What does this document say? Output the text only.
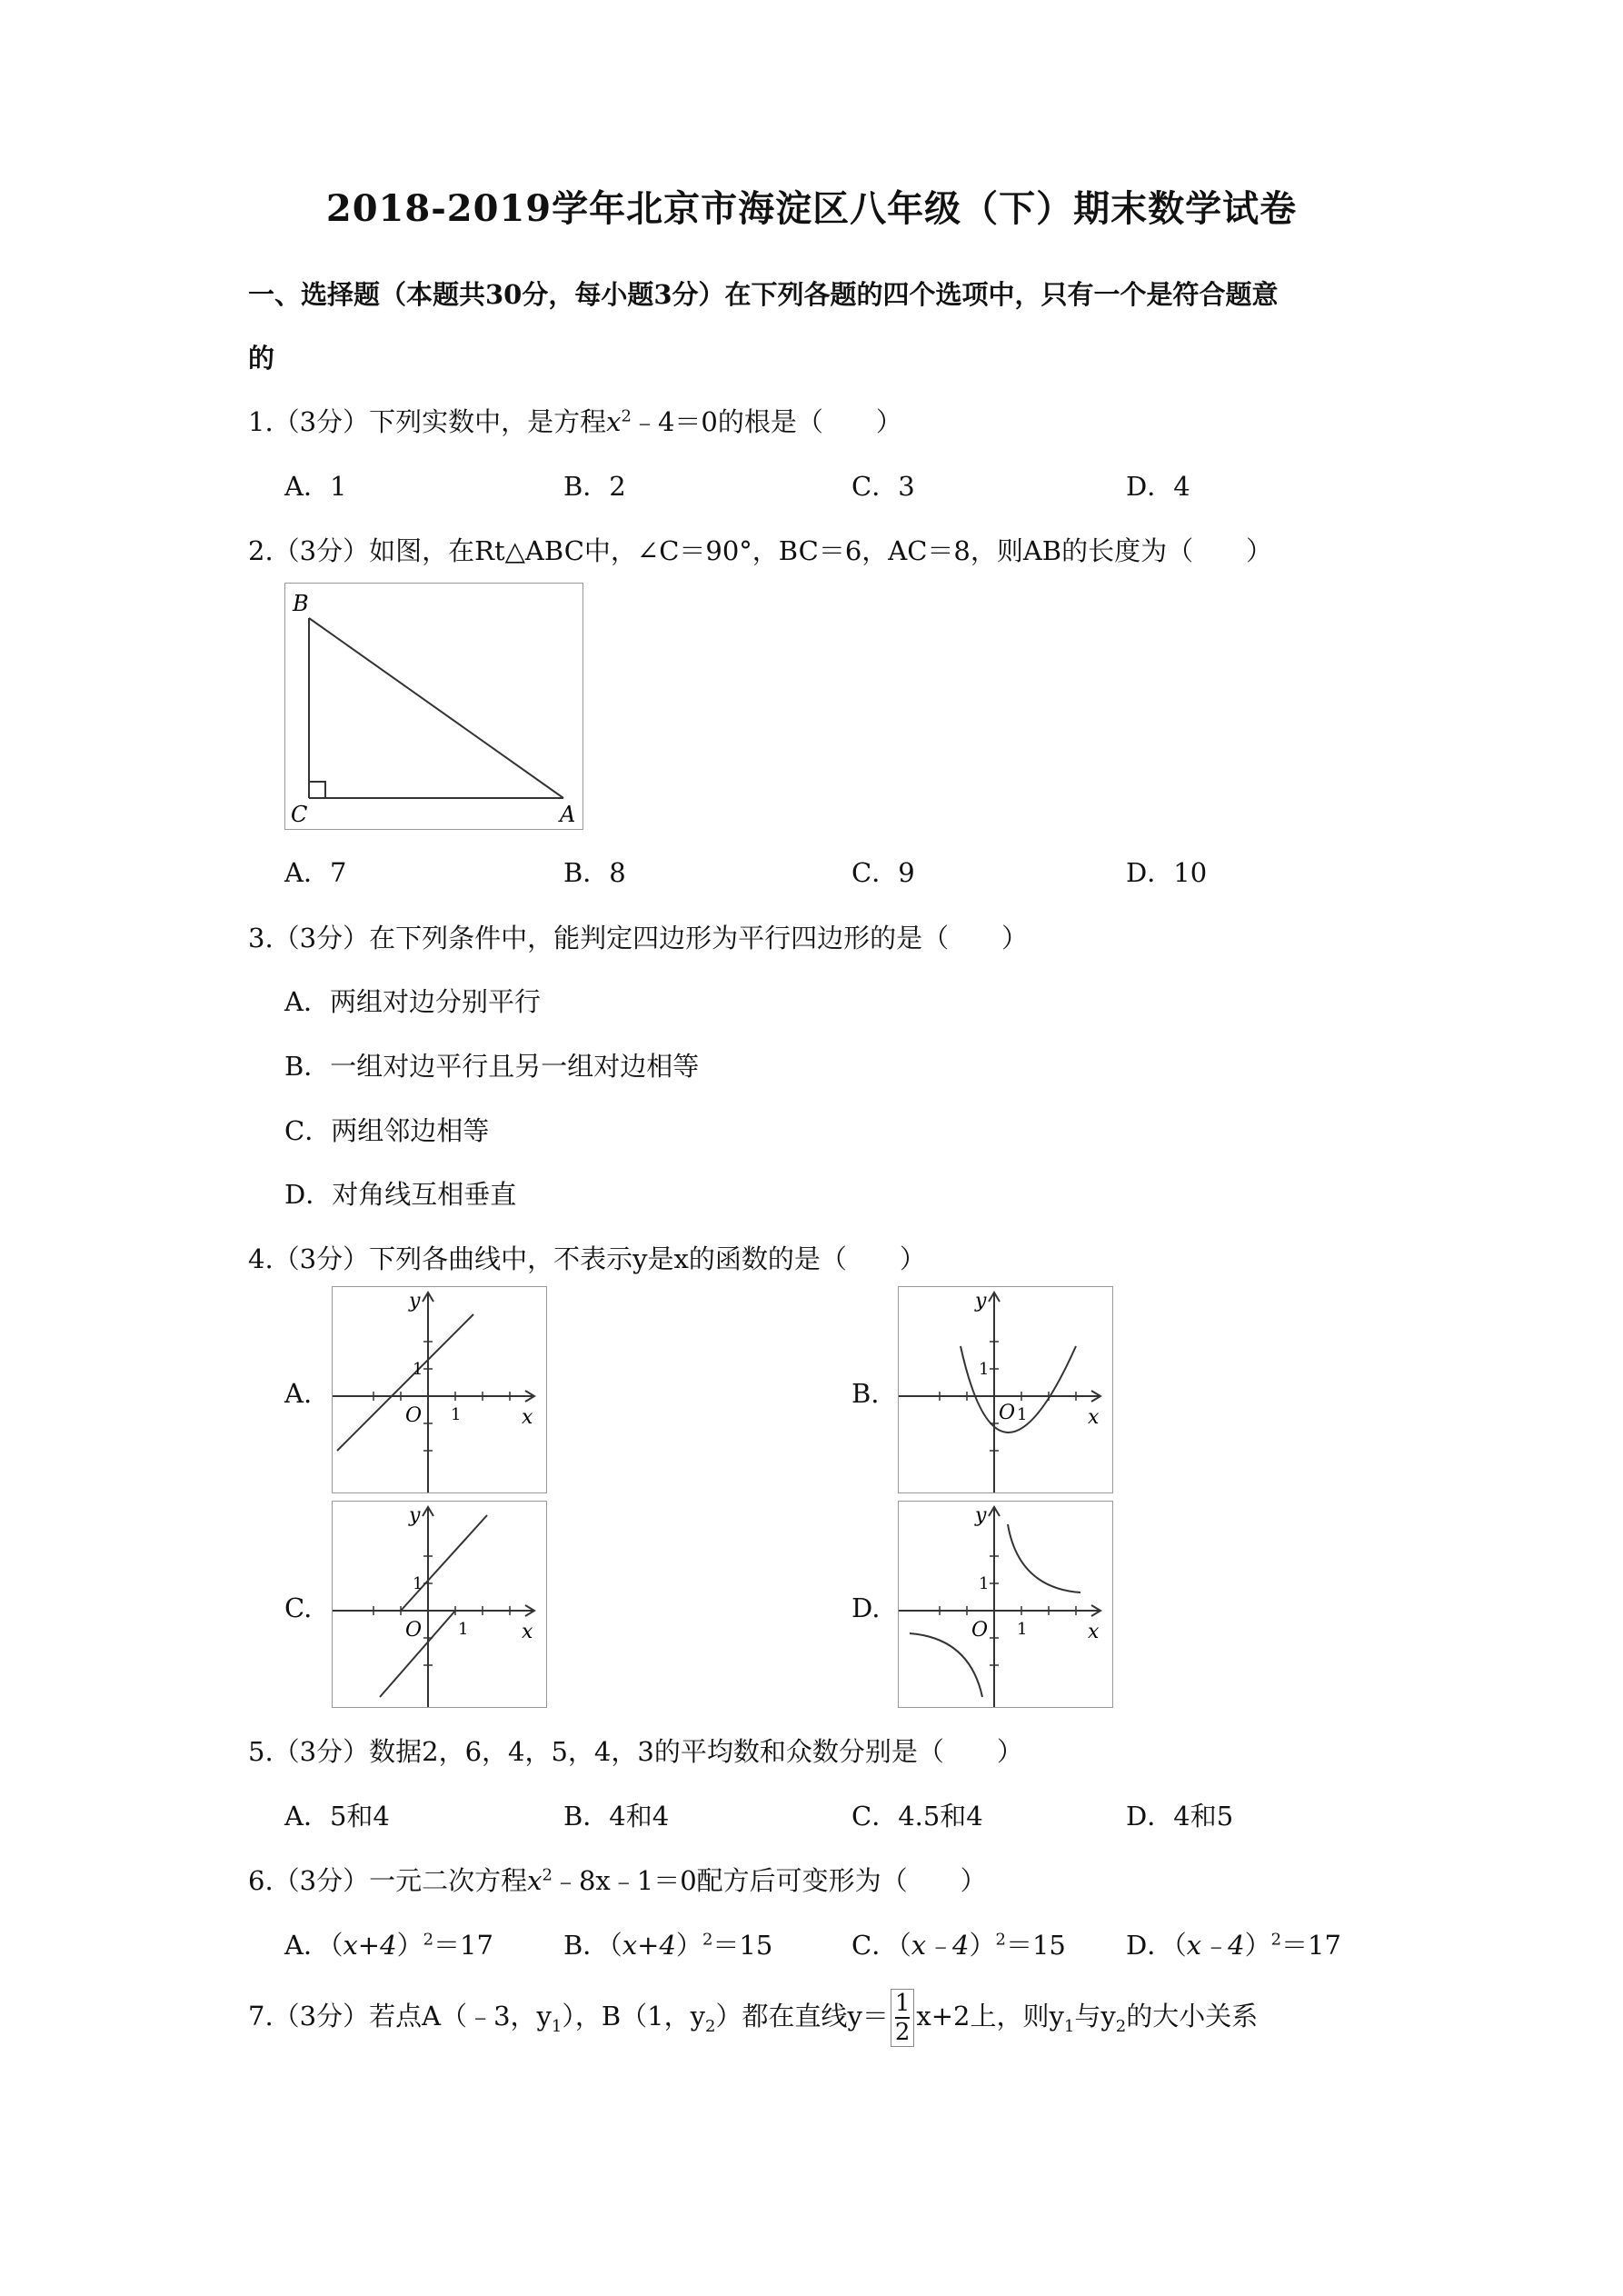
2018-2019学年北京市海淀区八年级（下）期末数学试卷
一、选择题（本题共30分，每小题3分）在下列各题的四个选项中，只有一个是符合题意
的
1.（3分）下列实数中，是方程$x^2﹣4=0$的根是（　　）
A．1	B．2	C．3	D．4
2.（3分）如图，在Rt△ABC中，∠C＝90°，BC＝6，AC＝8，则AB的长度为（　　）
B
C	A
A．7	B．8	C．9	D．10
3.（3分）在下列条件中，能判定四边形为平行四边形的是（　　）
A．两组对边分别平行
B．一组对边平行且另一组对边相等
C．两组邻边相等
D．对角线互相垂直
4.（3分）下列各曲线中，不表示y是x的函数的是（　　）
A.	B.
C.	D.
y
x
O
1
1
y
x
O
1
1
y
x
O
1
1
y
x
O
1
1
5.（3分）数据2，6，4，5，4，3的平均数和众数分别是（　　）
A．5和4	B．4和4	C．4.5和4	D．4和5
6.（3分）一元二次方程$x^2﹣8x﹣1=0$配方后可变形为（　　）
A．$(x+4)^2=17$	B．$(x+4)^2=15$	C．（x﹣4）$^2$＝15 D．（x﹣4）$^2$＝17
7.（3分）若点A（﹣3，$y_1$），B（1，$y_2$）都在直线$y= \frac{1}{2} x+2$上，则$y_1$与$y_2$的大小关系
